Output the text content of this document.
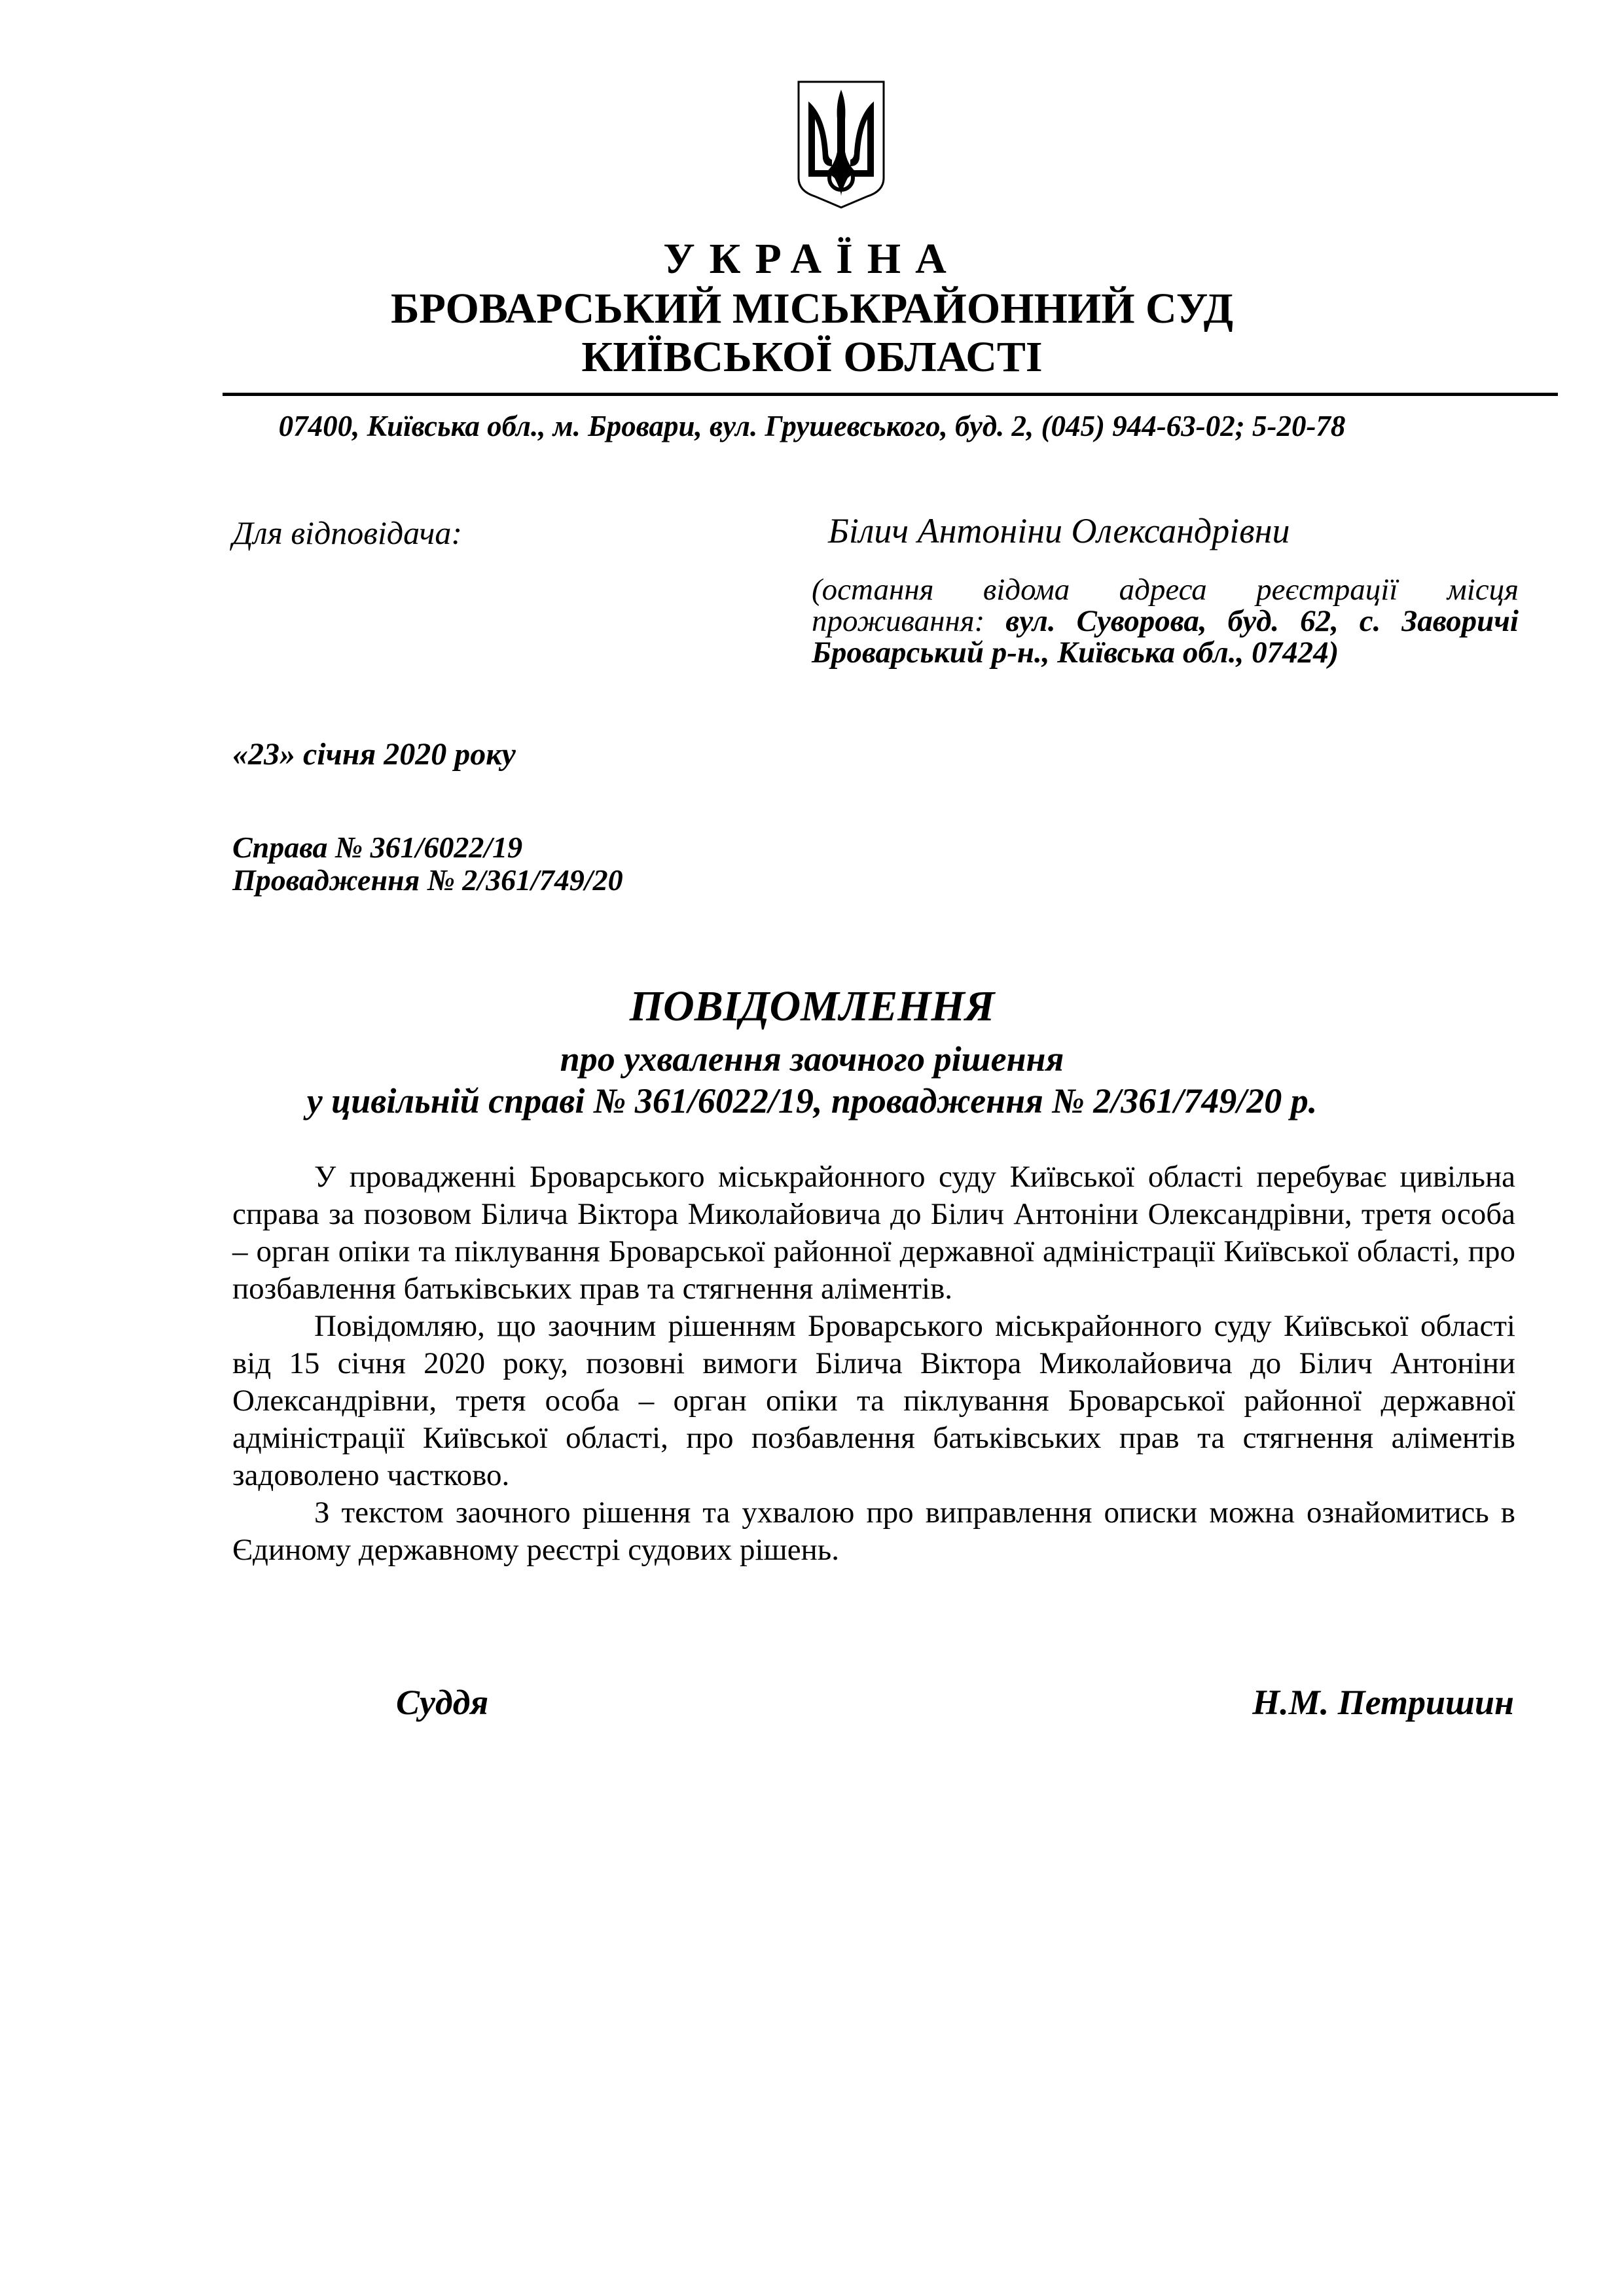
УКРАЇНА
БРОВАРСЬКИЙ МІСЬКРАЙОННИЙ СУД
КИЇВСЬКОЇ ОБЛАСТІ
07400, Київська обл., м. Бровари, вул. Грушевського, буд. 2, (045) 944-63-02; 5-20-78
Для відповідача:	Білич Антоніни Олександрівни
(остання відома адреса реєстрації місця проживання: вул. Суворова, буд. 62, с. Заворичі Броварський р-н., Київська обл., 07424)
«23» січня 2020 року
Справа № 361/6022/19
Провадження № 2/361/749/20
ПОВІДОМЛЕННЯ
про ухвалення заочного рішення
у цивільній справі № 361/6022/19, провадження № 2/361/749/20 р.

У провадженні Броварського міськрайонного суду Київської області перебуває цивільна справа за позовом Білича Віктора Миколайовича до Білич Антоніни Олександрівни, третя особа – орган опіки та піклування Броварської районної державної адміністрації Київської області, про позбавлення батьківських прав та стягнення аліментів.

Повідомляю, що заочним рішенням Броварського міськрайонного суду Київської області від 15 січня 2020 року, позовні вимоги Білича Віктора Миколайовича до Білич Антоніни Олександрівни, третя особа – орган опіки та піклування Броварської районної державної адміністрації Київської області, про позбавлення батьківських прав та стягнення аліментів задоволено частково.

З текстом заочного рішення та ухвалою про виправлення описки можна ознайомитись в Єдиному державному реєстрі судових рішень.

Суддя	Н.М. Петришин
